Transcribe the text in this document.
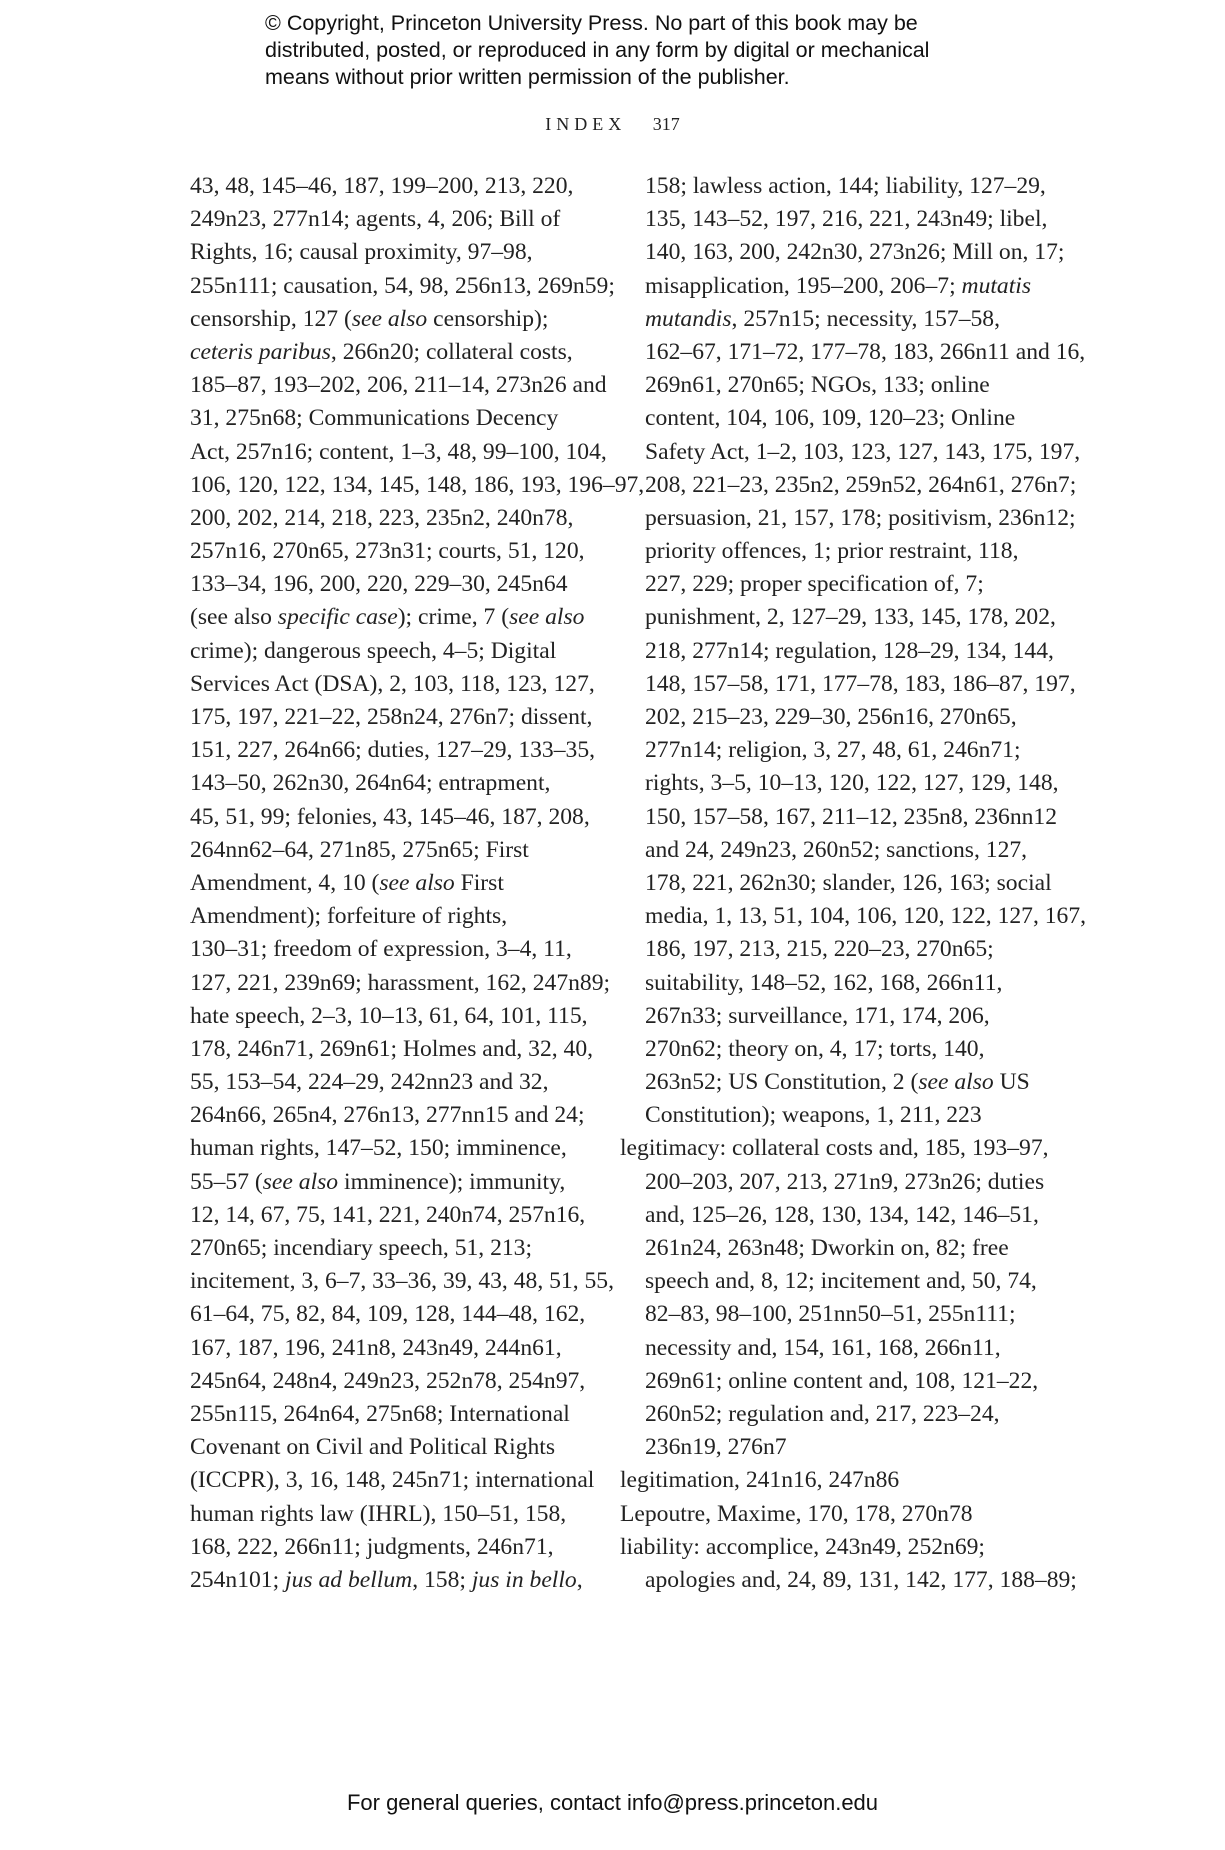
© Copyright, Princeton University Press. No part of this book may be
distributed, posted, or reproduced in any form by digital or mechanical
means without prior written permission of the publisher.
INDEX 317
43, 48, 145–46, 187, 199–200, 213, 220,
249n23, 277n14; agents, 4, 206; Bill of
Rights, 16; causal proximity, 97–98,
255n111; causation, 54, 98, 256n13, 269n59;
censorship, 127 (see also censorship);
ceteris paribus, 266n20; collateral costs,
185–87, 193–202, 206, 211–14, 273n26 and
31, 275n68; Communications Decency
Act, 257n16; content, 1–3, 48, 99–100, 104,
106, 120, 122, 134, 145, 148, 186, 193, 196–97,
200, 202, 214, 218, 223, 235n2, 240n78,
257n16, 270n65, 273n31; courts, 51, 120,
133–34, 196, 200, 220, 229–30, 245n64
(see also specific case); crime, 7 (see also
crime); dangerous speech, 4–5; Digital
Services Act (DSA), 2, 103, 118, 123, 127,
175, 197, 221–22, 258n24, 276n7; dissent,
151, 227, 264n66; duties, 127–29, 133–35,
143–50, 262n30, 264n64; entrapment,
45, 51, 99; felonies, 43, 145–46, 187, 208,
264nn62–64, 271n85, 275n65; First
Amendment, 4, 10 (see also First
Amendment); forfeiture of rights,
130–31; freedom of expression, 3–4, 11,
127, 221, 239n69; harassment, 162, 247n89;
hate speech, 2–3, 10–13, 61, 64, 101, 115,
178, 246n71, 269n61; Holmes and, 32, 40,
55, 153–54, 224–29, 242nn23 and 32,
264n66, 265n4, 276n13, 277nn15 and 24;
human rights, 147–52, 150; imminence,
55–57 (see also imminence); immunity,
12, 14, 67, 75, 141, 221, 240n74, 257n16,
270n65; incendiary speech, 51, 213;
incitement, 3, 6–7, 33–36, 39, 43, 48, 51, 55,
61–64, 75, 82, 84, 109, 128, 144–48, 162,
167, 187, 196, 241n8, 243n49, 244n61,
245n64, 248n4, 249n23, 252n78, 254n97,
255n115, 264n64, 275n68; International
Covenant on Civil and Political Rights
(ICCPR), 3, 16, 148, 245n71; international
human rights law (IHRL), 150–51, 158,
168, 222, 266n11; judgments, 246n71,
254n101; jus ad bellum, 158; jus in bello,
158; lawless action, 144; liability, 127–29,
135, 143–52, 197, 216, 221, 243n49; libel,
140, 163, 200, 242n30, 273n26; Mill on, 17;
misapplication, 195–200, 206–7; mutatis
mutandis, 257n15; necessity, 157–58,
162–67, 171–72, 177–78, 183, 266n11 and 16,
269n61, 270n65; NGOs, 133; online
content, 104, 106, 109, 120–23; Online
Safety Act, 1–2, 103, 123, 127, 143, 175, 197,
208, 221–23, 235n2, 259n52, 264n61, 276n7;
persuasion, 21, 157, 178; positivism, 236n12;
priority offences, 1; prior restraint, 118,
227, 229; proper specification of, 7;
punishment, 2, 127–29, 133, 145, 178, 202,
218, 277n14; regulation, 128–29, 134, 144,
148, 157–58, 171, 177–78, 183, 186–87, 197,
202, 215–23, 229–30, 256n16, 270n65,
277n14; religion, 3, 27, 48, 61, 246n71;
rights, 3–5, 10–13, 120, 122, 127, 129, 148,
150, 157–58, 167, 211–12, 235n8, 236nn12
and 24, 249n23, 260n52; sanctions, 127,
178, 221, 262n30; slander, 126, 163; social
media, 1, 13, 51, 104, 106, 120, 122, 127, 167,
186, 197, 213, 215, 220–23, 270n65;
suitability, 148–52, 162, 168, 266n11,
267n33; surveillance, 171, 174, 206,
270n62; theory on, 4, 17; torts, 140,
263n52; US Constitution, 2 (see also US
Constitution); weapons, 1, 211, 223
legitimacy: collateral costs and, 185, 193–97,
200–203, 207, 213, 271n9, 273n26; duties
and, 125–26, 128, 130, 134, 142, 146–51,
261n24, 263n48; Dworkin on, 82; free
speech and, 8, 12; incitement and, 50, 74,
82–83, 98–100, 251nn50–51, 255n111;
necessity and, 154, 161, 168, 266n11,
269n61; online content and, 108, 121–22,
260n52; regulation and, 217, 223–24,
236n19, 276n7
legitimation, 241n16, 247n86
Lepoutre, Maxime, 170, 178, 270n78
liability: accomplice, 243n49, 252n69;
apologies and, 24, 89, 131, 142, 177, 188–89;
For general queries, contact info@press.princeton.edu
